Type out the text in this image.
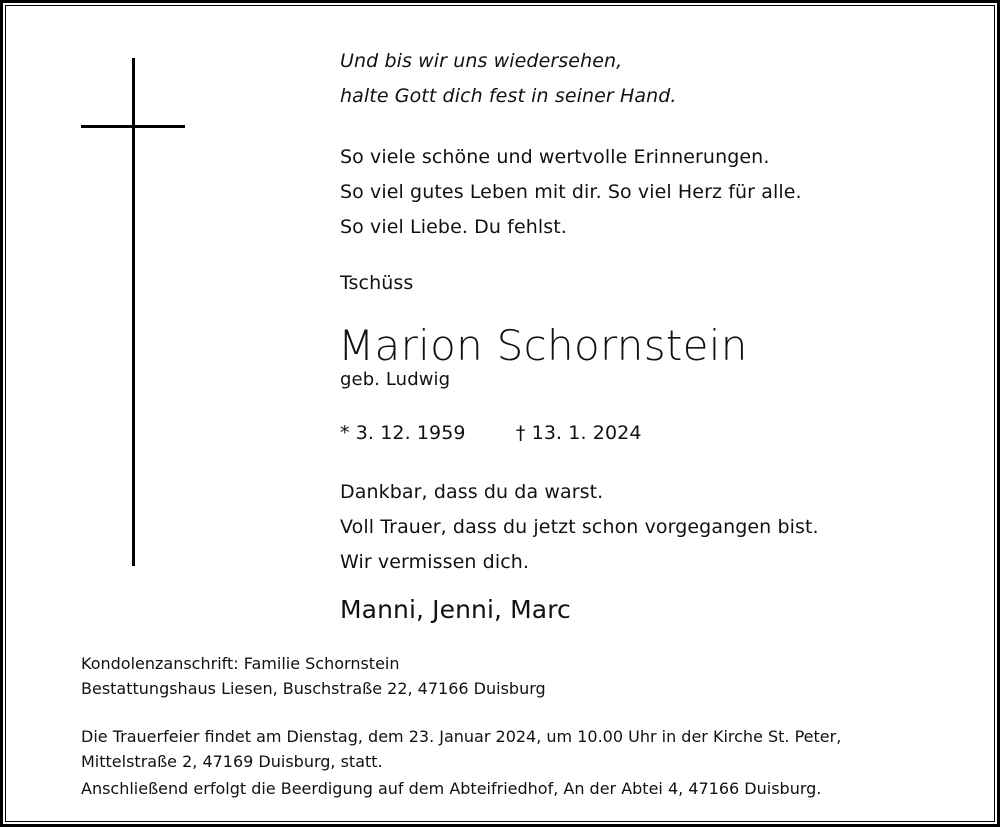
Und bis wir uns wiedersehen,
halte Gott dich fest in seiner Hand.
So viele schöne und wertvolle Erinnerungen.
So viel gutes Leben mit dir. So viel Herz für alle.
So viel Liebe. Du fehlst.
Tschüss
Marion Schornstein
geb. Ludwig
* 3. 12. 1959	† 13. 1. 2024
Dankbar, dass du da warst.
Voll Trauer, dass du jetzt schon vorgegangen bist.
Wir vermissen dich.
Manni, Jenni, Marc
Kondolenzanschrift: Familie Schornstein
Bestattungshaus Liesen, Buschstraße 22, 47166 Duisburg
Die Trauerfeier findet am Dienstag, dem 23. Januar 2024, um 10.00 Uhr in der Kirche St. Peter,
Mittelstraße 2, 47169 Duisburg, statt.
Anschließend erfolgt die Beerdigung auf dem Abteifriedhof, An der Abtei 4, 47166 Duisburg.
